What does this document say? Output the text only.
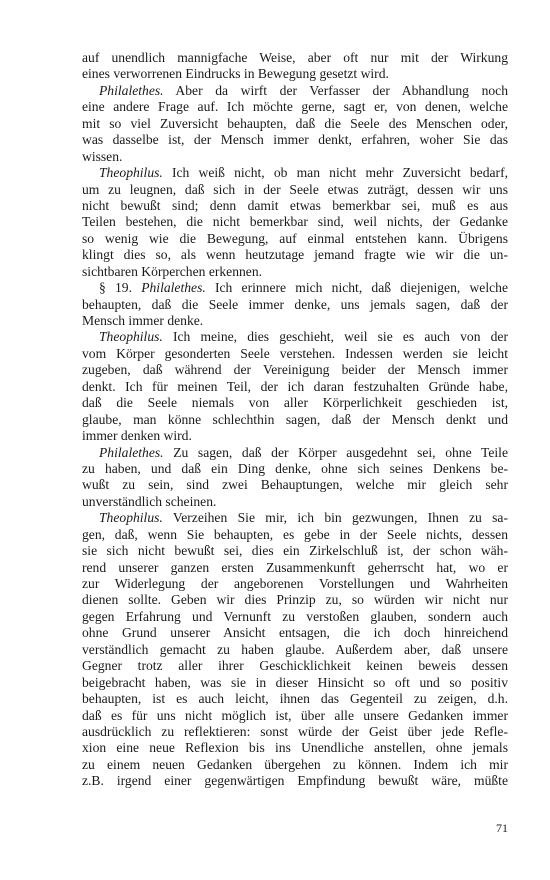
auf unendlich mannigfache Weise, aber oft nur mit der Wirkung
eines verworrenen Eindrucks in Bewegung gesetzt wird.
Philalethes. Aber da wirft der Verfasser der Abhandlung noch
eine andere Frage auf. Ich möchte gerne, sagt er, von denen, welche
mit so viel Zuversicht behaupten, daß die Seele des Menschen oder,
was dasselbe ist, der Mensch immer denkt, erfahren, woher Sie das
wissen.
Theophilus. Ich weiß nicht, ob man nicht mehr Zuversicht bedarf,
um zu leugnen, daß sich in der Seele etwas zuträgt, dessen wir uns
nicht bewußt sind; denn damit etwas bemerkbar sei, muß es aus
Teilen bestehen, die nicht bemerkbar sind, weil nichts, der Gedanke
so wenig wie die Bewegung, auf einmal entstehen kann. Übrigens
klingt dies so, als wenn heutzutage jemand fragte wie wir die un-
sichtbaren Körperchen erkennen.
§ 19. Philalethes. Ich erinnere mich nicht, daß diejenigen, welche
behaupten, daß die Seele immer denke, uns jemals sagen, daß der
Mensch immer denke.
Theophilus. Ich meine, dies geschieht, weil sie es auch von der
vom Körper gesonderten Seele verstehen. Indessen werden sie leicht
zugeben, daß während der Vereinigung beider der Mensch immer
denkt. Ich für meinen Teil, der ich daran festzuhalten Gründe habe,
daß die Seele niemals von aller Körperlichkeit geschieden ist,
glaube, man könne schlechthin sagen, daß der Mensch denkt und
immer denken wird.
Philalethes. Zu sagen, daß der Körper ausgedehnt sei, ohne Teile
zu haben, und daß ein Ding denke, ohne sich seines Denkens be-
wußt zu sein, sind zwei Behauptungen, welche mir gleich sehr
unverständlich scheinen.
Theophilus. Verzeihen Sie mir, ich bin gezwungen, Ihnen zu sa-
gen, daß, wenn Sie behaupten, es gebe in der Seele nichts, dessen
sie sich nicht bewußt sei, dies ein Zirkelschluß ist, der schon wäh-
rend unserer ganzen ersten Zusammenkunft geherrscht hat, wo er
zur Widerlegung der angeborenen Vorstellungen und Wahrheiten
dienen sollte. Geben wir dies Prinzip zu, so würden wir nicht nur
gegen Erfahrung und Vernunft zu verstoßen glauben, sondern auch
ohne Grund unserer Ansicht entsagen, die ich doch hinreichend
verständlich gemacht zu haben glaube. Außerdem aber, daß unsere
Gegner trotz aller ihrer Geschicklichkeit keinen beweis dessen
beigebracht haben, was sie in dieser Hinsicht so oft und so positiv
behaupten, ist es auch leicht, ihnen das Gegenteil zu zeigen, d.h.
daß es für uns nicht möglich ist, über alle unsere Gedanken immer
ausdrücklich zu reflektieren: sonst würde der Geist über jede Refle-
xion eine neue Reflexion bis ins Unendliche anstellen, ohne jemals
zu einem neuen Gedanken übergehen zu können. Indem ich mir
z.B. irgend einer gegenwärtigen Empfindung bewußt wäre, müßte
71
